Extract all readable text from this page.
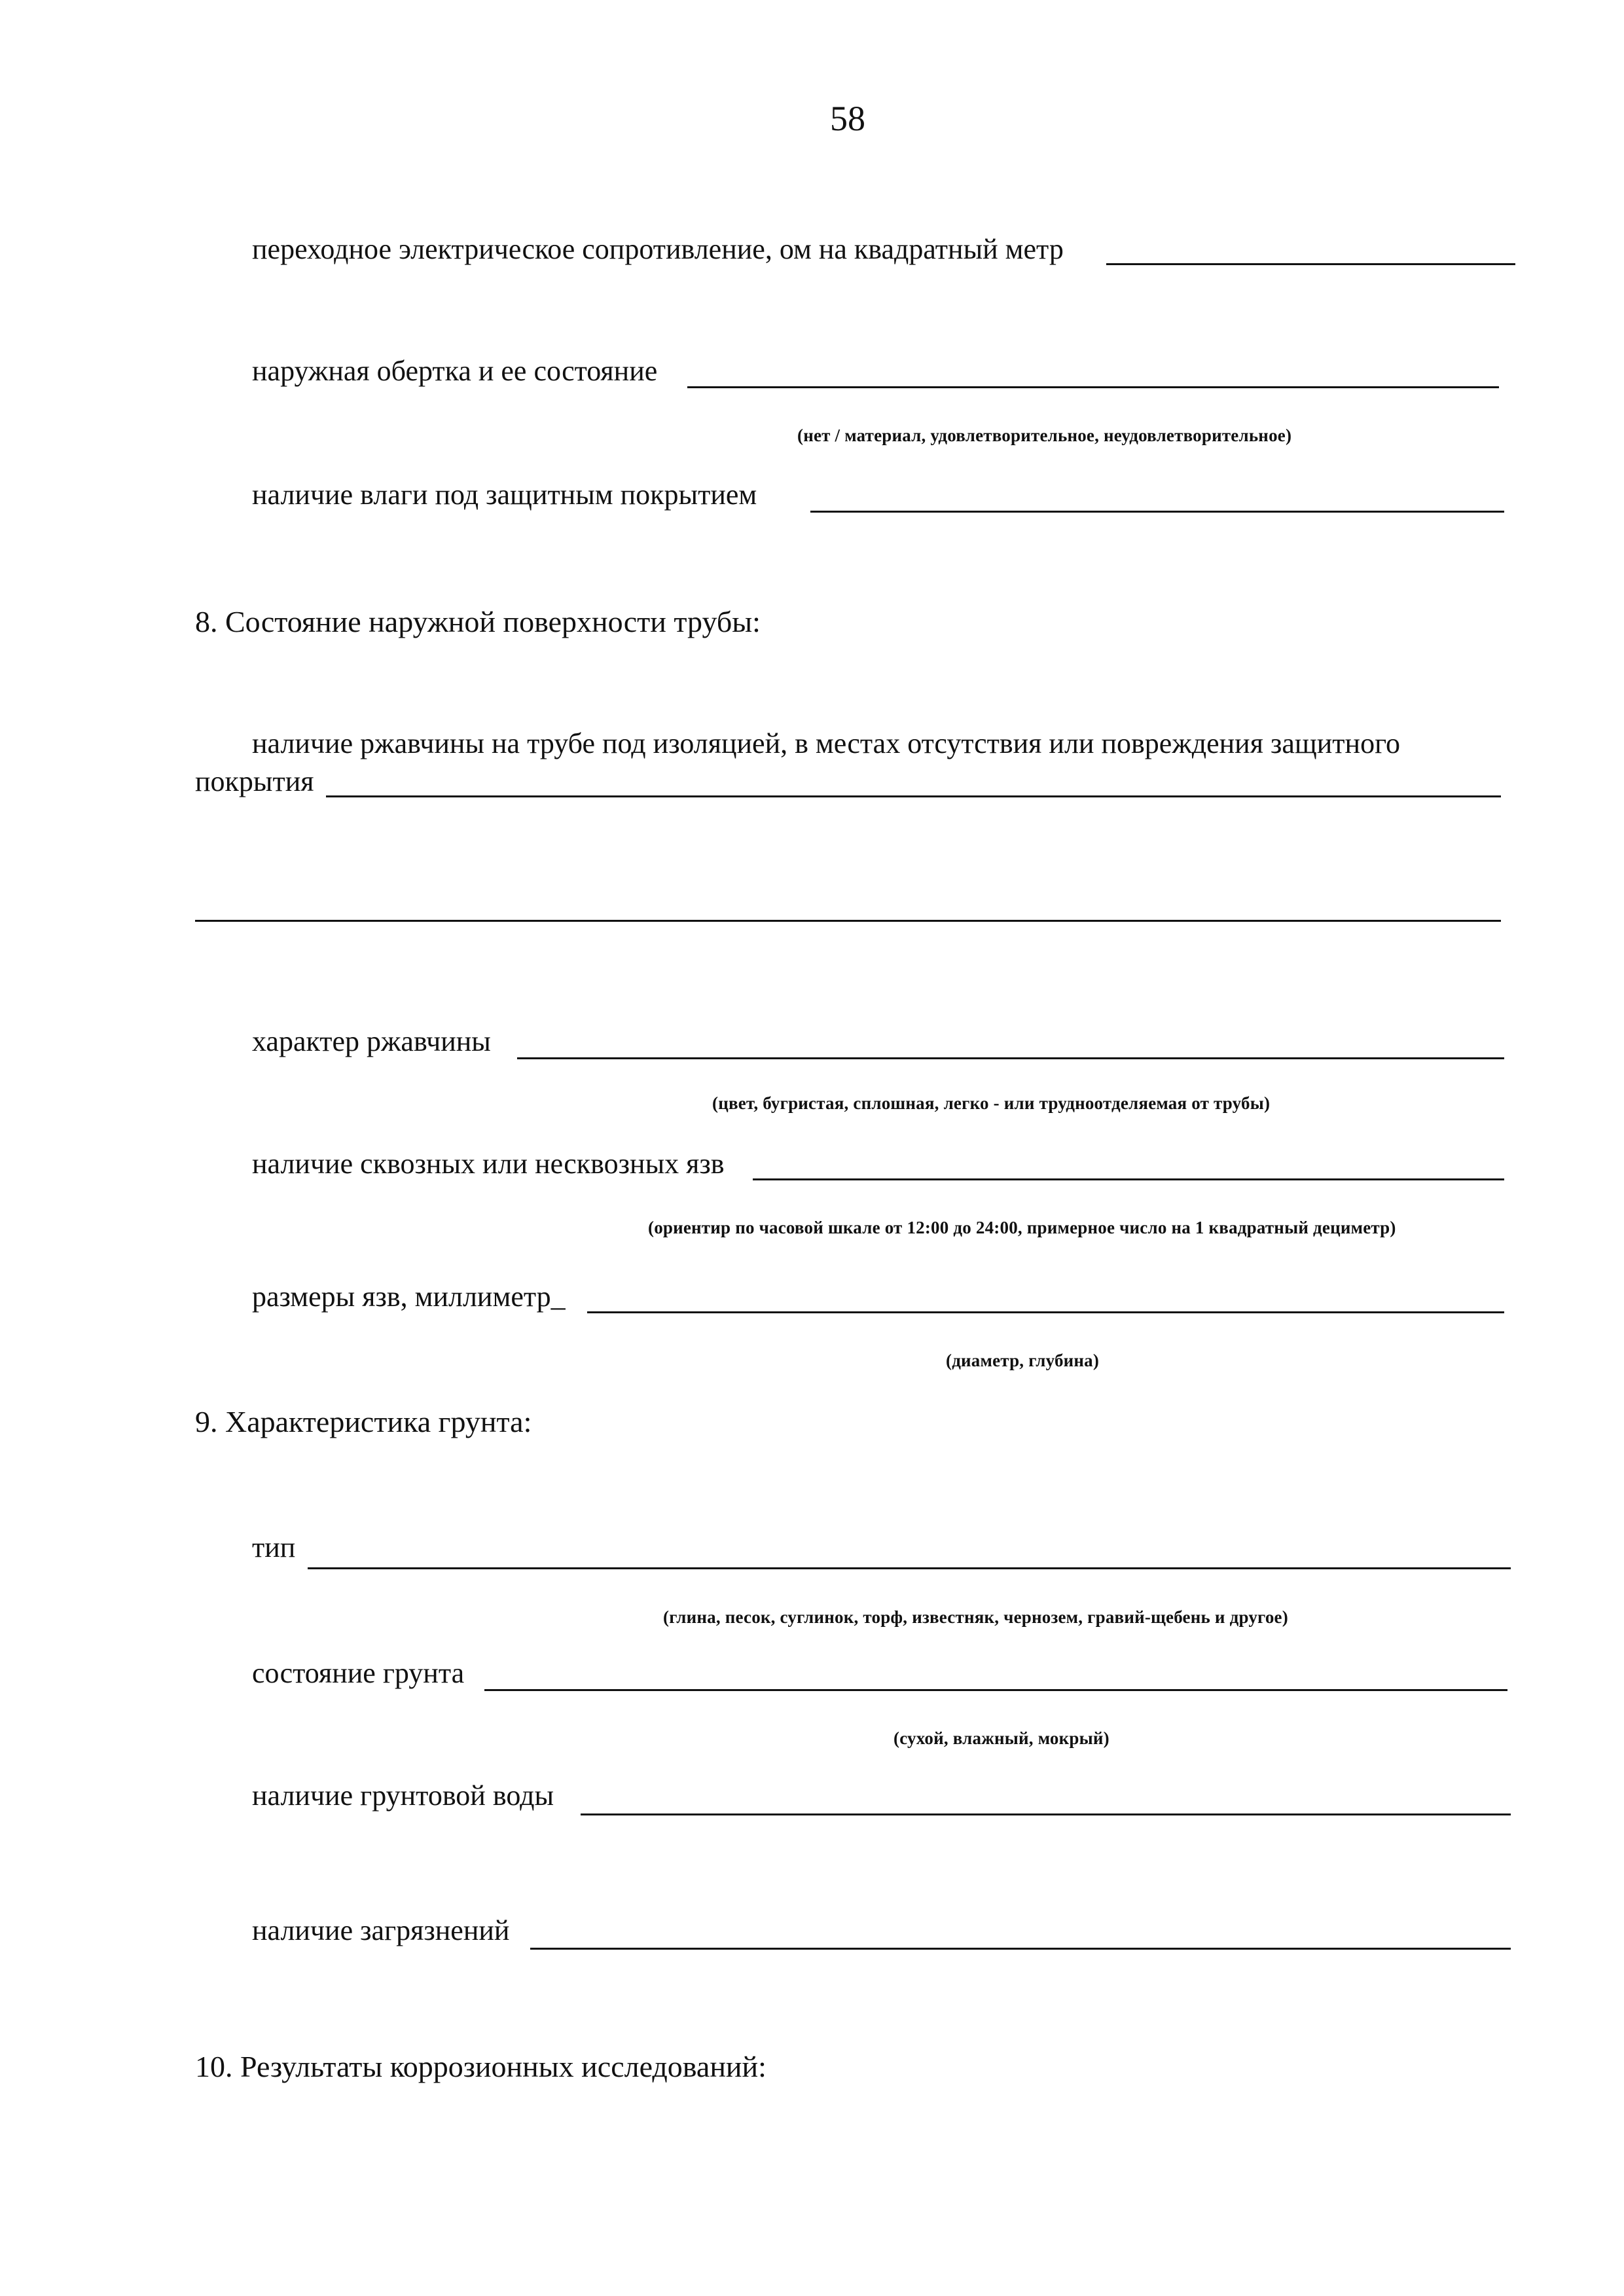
58
переходное электрическое сопротивление, ом на квадратный метр
наружная обертка и ее состояние
(нет / материал, удовлетворительное, неудовлетворительное)
наличие влаги под защитным покрытием
8. Состояние наружной поверхности трубы:
наличие ржавчины на трубе под изоляцией, в местах отсутствия или повреждения защитного
покрытия
характер ржавчины
(цвет, бугристая, сплошная, легко - или трудноотделяемая от трубы)
наличие сквозных или несквозных язв
(ориентир по часовой шкале от 12:00 до 24:00, примерное число на 1 квадратный дециметр)
размеры язв, миллиметр_
(диаметр, глубина)
9. Характеристика грунта:
тип
(глина, песок, суглинок, торф, известняк, чернозем, гравий-щебень и другое)
состояние грунта
(сухой, влажный, мокрый)
наличие грунтовой воды
наличие загрязнений
10. Результаты коррозионных исследований:
